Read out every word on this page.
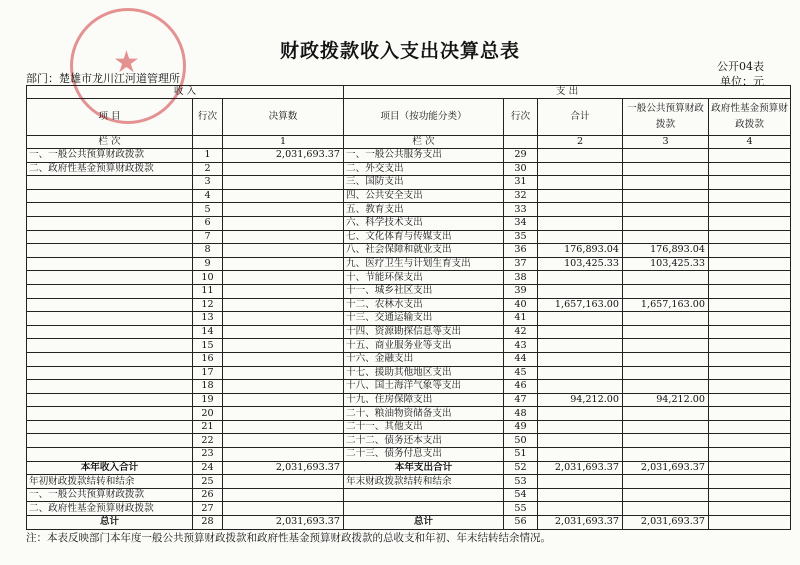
★	财政拨款收入支出决算总表
公开04表
部门：楚雄市龙川江河道管理所	单位：元
收 入			支 出				
项 目	行次	决算数	项目（按功能分类）	行次	合计	一般公共预算财政拨款	政府性基金预算财政拨款
栏 次		1	栏 次		2	3	4
一、一般公共预算财政拨款	1	2,031,693.37	一、一般公共服务支出	29			
二、政府性基金预算财政拨款	2		二、外交支出	30			
	3		三、国防支出	31			
	4		四、公共安全支出	32			
	5		五、教育支出	33			
	6		六、科学技术支出	34			
	7		七、文化体育与传媒支出	35			
	8		八、社会保障和就业支出	36	176,893.04	176,893.04	
	9		九、医疗卫生与计划生育支出	37	103,425.33	103,425.33	
	10		十、节能环保支出	38			
	11		十一、城乡社区支出	39			
	12		十二、农林水支出	40	1,657,163.00	1,657,163.00	
	13		十三、交通运输支出	41			
	14		十四、资源勘探信息等支出	42			
	15		十五、商业服务业等支出	43			
	16		十六、金融支出	44			
	17		十七、援助其他地区支出	45			
	18		十八、国土海洋气象等支出	46			
	19		十九、住房保障支出	47	94,212.00	94,212.00	
	20		二十、粮油物资储备支出	48			
	21		二十一、其他支出	49			
	22		二十二、债务还本支出	50			
	23		二十三、债务付息支出	51			
本年收入合计	24	2,031,693.37	本年支出合计	52	2,031,693.37	2,031,693.37	
年初财政拨款结转和结余	25		年末财政拨款结转和结余	53			
一、一般公共预算财政拨款	26			54			
二、政府性基金预算财政拨款	27			55			
总计	28	2,031,693.37	总计	56	2,031,693.37	2,031,693.37	
注：本表反映部门本年度一般公共预算财政拨款和政府性基金预算财政拨款的总收支和年初、年末结转结余情况。
